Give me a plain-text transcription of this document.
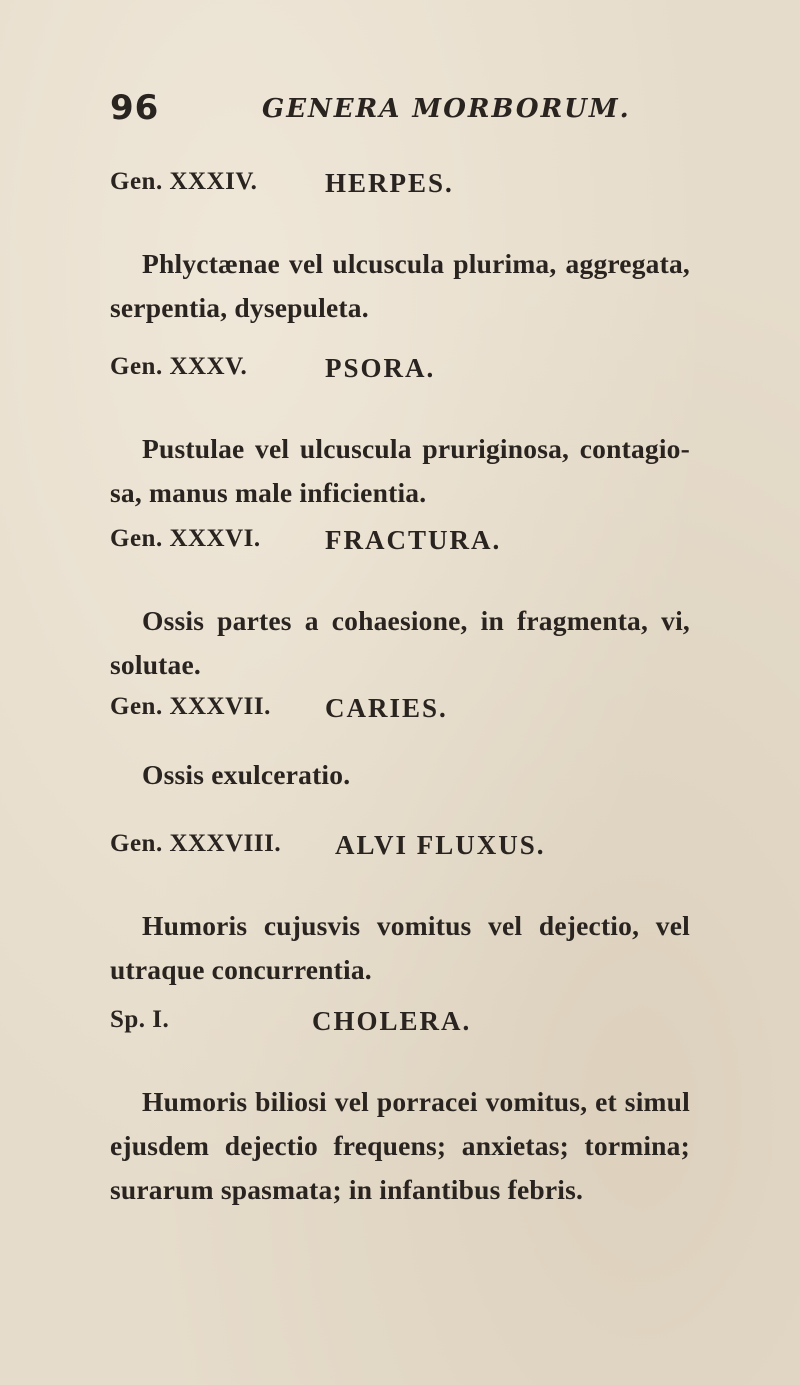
96	GENERA MORBORUM.
Gen. XXXIV.	HERPES.
Phlyctænae vel ulcuscula plurima, aggregata, serpentia, dysepuleta.
Gen. XXXV.	PSORA.
Pustulae vel ulcuscula pruriginosa, contagio- sa, manus male inficientia.
Gen. XXXVI. FRACTURA.
Ossis partes a cohaesione, in fragmenta, vi, solutae.
Gen. XXXVII. CARIES.
Ossis exulceratio.
Gen. XXXVIII. ALVI FLUXUS.
Humoris cujusvis vomitus vel dejectio, vel utraque concurrentia.
Sp. I.	CHOLERA.
Humoris biliosi vel porracei vomitus, et simul ejusdem dejectio frequens; anxietas; tormina; surarum spasmata; in infantibus febris.
